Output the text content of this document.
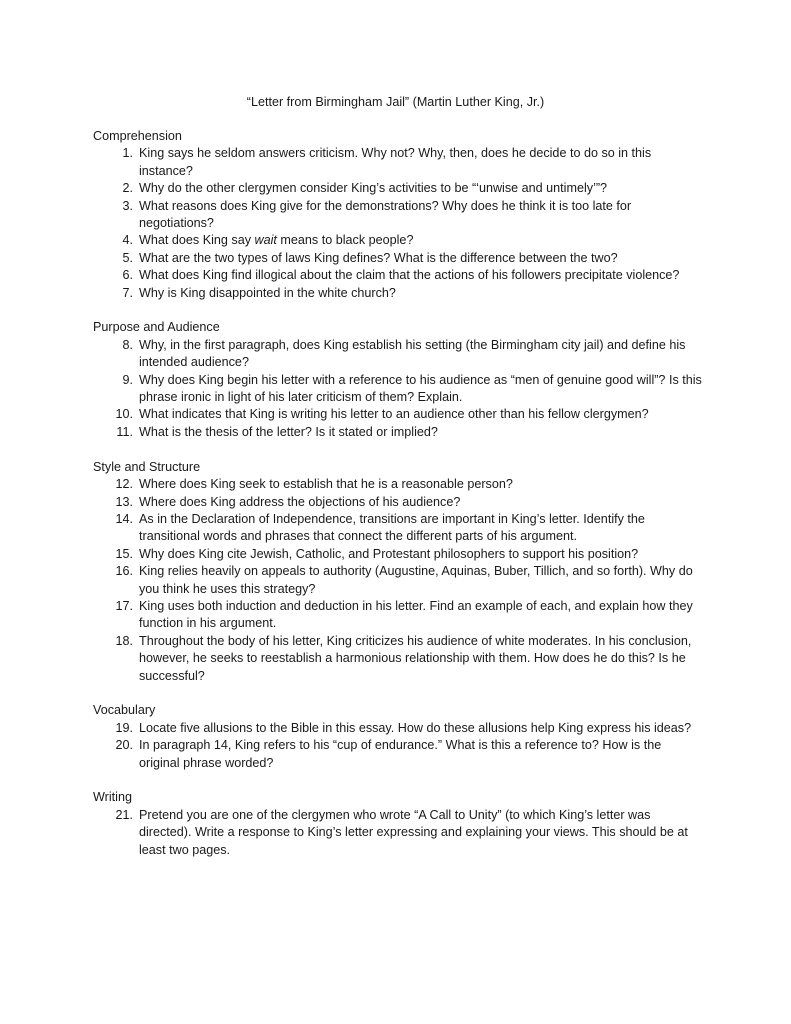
“Letter from Birmingham Jail” (Martin Luther King, Jr.)

Comprehension

1. King says he seldom answers criticism. Why not? Why, then, does he decide to do so in this instance?
2. Why do the other clergymen consider King’s activities to be “‘unwise and untimely’”?
3. What reasons does King give for the demonstrations? Why does he think it is too late for negotiations?
4. What does King say wait means to black people?
5. What are the two types of laws King defines? What is the difference between the two?
6. What does King find illogical about the claim that the actions of his followers precipitate violence?
7. Why is King disappointed in the white church?

Purpose and Audience

8. Why, in the first paragraph, does King establish his setting (the Birmingham city jail) and define his intended audience?
9. Why does King begin his letter with a reference to his audience as “men of genuine good will”? Is this phrase ironic in light of his later criticism of them? Explain.
10. What indicates that King is writing his letter to an audience other than his fellow clergymen?
11. What is the thesis of the letter? Is it stated or implied?

Style and Structure

12. Where does King seek to establish that he is a reasonable person?
13. Where does King address the objections of his audience?
14. As in the Declaration of Independence, transitions are important in King’s letter. Identify the transitional words and phrases that connect the different parts of his argument.
15. Why does King cite Jewish, Catholic, and Protestant philosophers to support his position?
16. King relies heavily on appeals to authority (Augustine, Aquinas, Buber, Tillich, and so forth). Why do you think he uses this strategy?
17. King uses both induction and deduction in his letter. Find an example of each, and explain how they function in his argument.
18. Throughout the body of his letter, King criticizes his audience of white moderates. In his conclusion, however, he seeks to reestablish a harmonious relationship with them. How does he do this? Is he successful?

Vocabulary

19. Locate five allusions to the Bible in this essay. How do these allusions help King express his ideas?
20. In paragraph 14, King refers to his “cup of endurance.” What is this a reference to? How is the original phrase worded?

Writing

21. Pretend you are one of the clergymen who wrote “A Call to Unity” (to which King’s letter was directed). Write a response to King’s letter expressing and explaining your views. This should be at least two pages.
